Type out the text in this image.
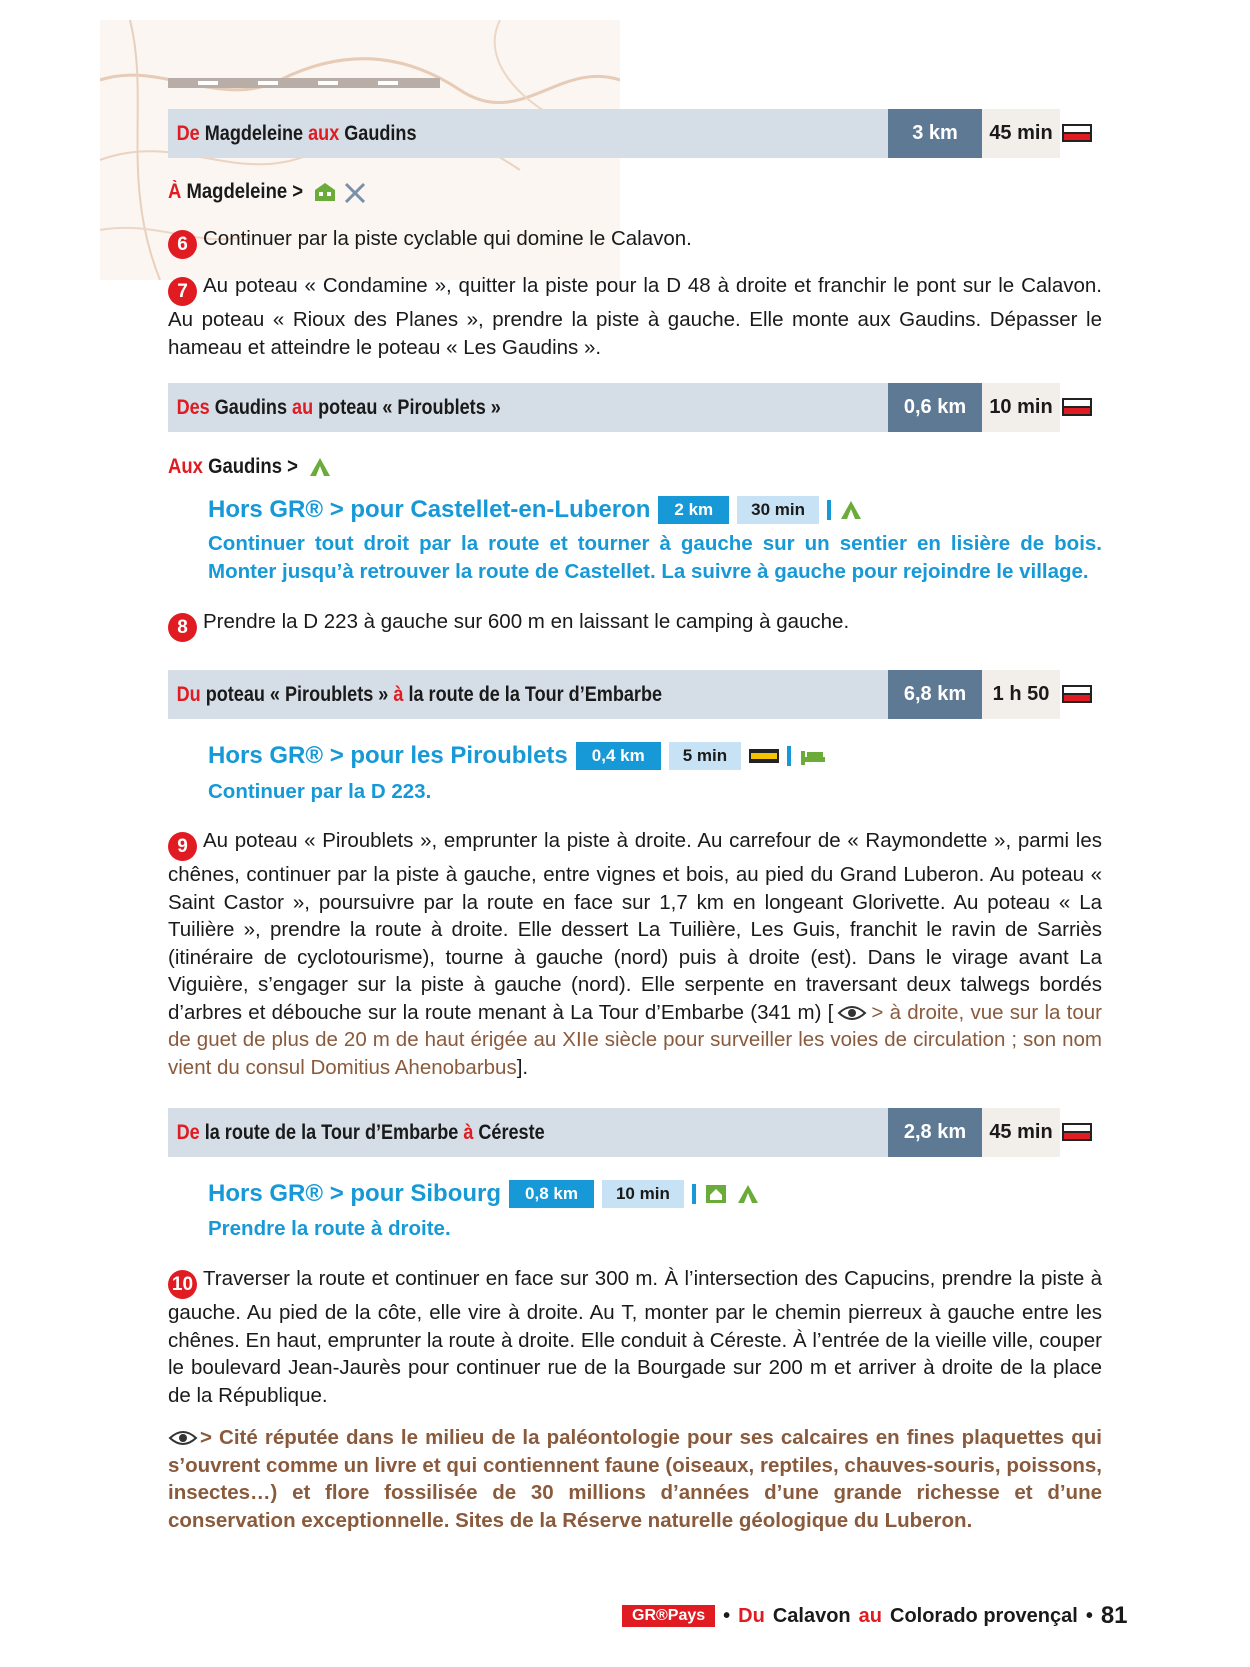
De Magdeleine aux Gaudins	3 km	45 min
À Magdeleine >
6 Continuer par la piste cyclable qui domine le Calavon.
7 Au poteau « Condamine », quitter la piste pour la D 48 à droite et franchir le pont sur le Calavon. Au poteau « Rioux des Planes », prendre la piste à gauche. Elle monte aux Gaudins. Dépasser le hameau et atteindre le poteau « Les Gaudins ».
Des Gaudins au poteau « Piroublets »	0,6 km	10 min
Aux Gaudins >
Hors GR® > pour Castellet-en-Luberon	2 km	30 min
Continuer tout droit par la route et tourner à gauche sur un sentier en lisière de bois. Monter jusqu’à retrouver la route de Castellet. La suivre à gauche pour rejoindre le village.
8 Prendre la D 223 à gauche sur 600 m en laissant le camping à gauche.
Du poteau « Piroublets » à la route de la Tour d’Embarbe	6,8 km	1 h 50
Hors GR® > pour les Piroublets	0,4 km	5 min
Continuer par la D 223.
9 Au poteau « Piroublets », emprunter la piste à droite. Au carrefour de « Raymondette », parmi les chênes, continuer par la piste à gauche, entre vignes et bois, au pied du Grand Luberon. Au poteau « Saint Castor », poursuivre par la route en face sur 1,7 km en longeant Glorivette. Au poteau « La Tuilière », prendre la route à droite. Elle dessert La Tuilière, Les Guis, franchit le ravin de Sarriès (itinéraire de cyclotourisme), tourne à gauche (nord) puis à droite (est). Dans le virage avant La Viguière, s’engager sur la piste à gauche (nord). Elle serpente en traversant deux talwegs bordés d’arbres et débouche sur la route menant à La Tour d’Embarbe (341 m) [ > à droite, vue sur la tour de guet de plus de 20 m de haut érigée au XIIe siècle pour surveiller les voies de circulation ; son nom vient du consul Domitius Ahenobarbus].
De la route de la Tour d’Embarbe à Céreste	2,8 km	45 min
Hors GR® > pour Sibourg	0,8 km	10 min
Prendre la route à droite.
10 Traverser la route et continuer en face sur 300 m. À l’intersection des Capucins, prendre la piste à gauche. Au pied de la côte, elle vire à droite. Au T, monter par le chemin pierreux à gauche entre les chênes. En haut, emprunter la route à droite. Elle conduit à Céreste. À l’entrée de la vieille ville, couper le boulevard Jean-Jaurès pour continuer rue de la Bourgade sur 200 m et arriver à droite de la place de la République.
> Cité réputée dans le milieu de la paléontologie pour ses calcaires en fines plaquettes qui s’ouvrent comme un livre et qui contiennent faune (oiseaux, reptiles, chauves-souris, poissons, insectes…) et flore fossilisée de 30 millions d’années d’une grande richesse et d’une conservation exceptionnelle. Sites de la Réserve naturelle géologique du Luberon.
GR®Pays • Du Calavon au Colorado provençal • 81
